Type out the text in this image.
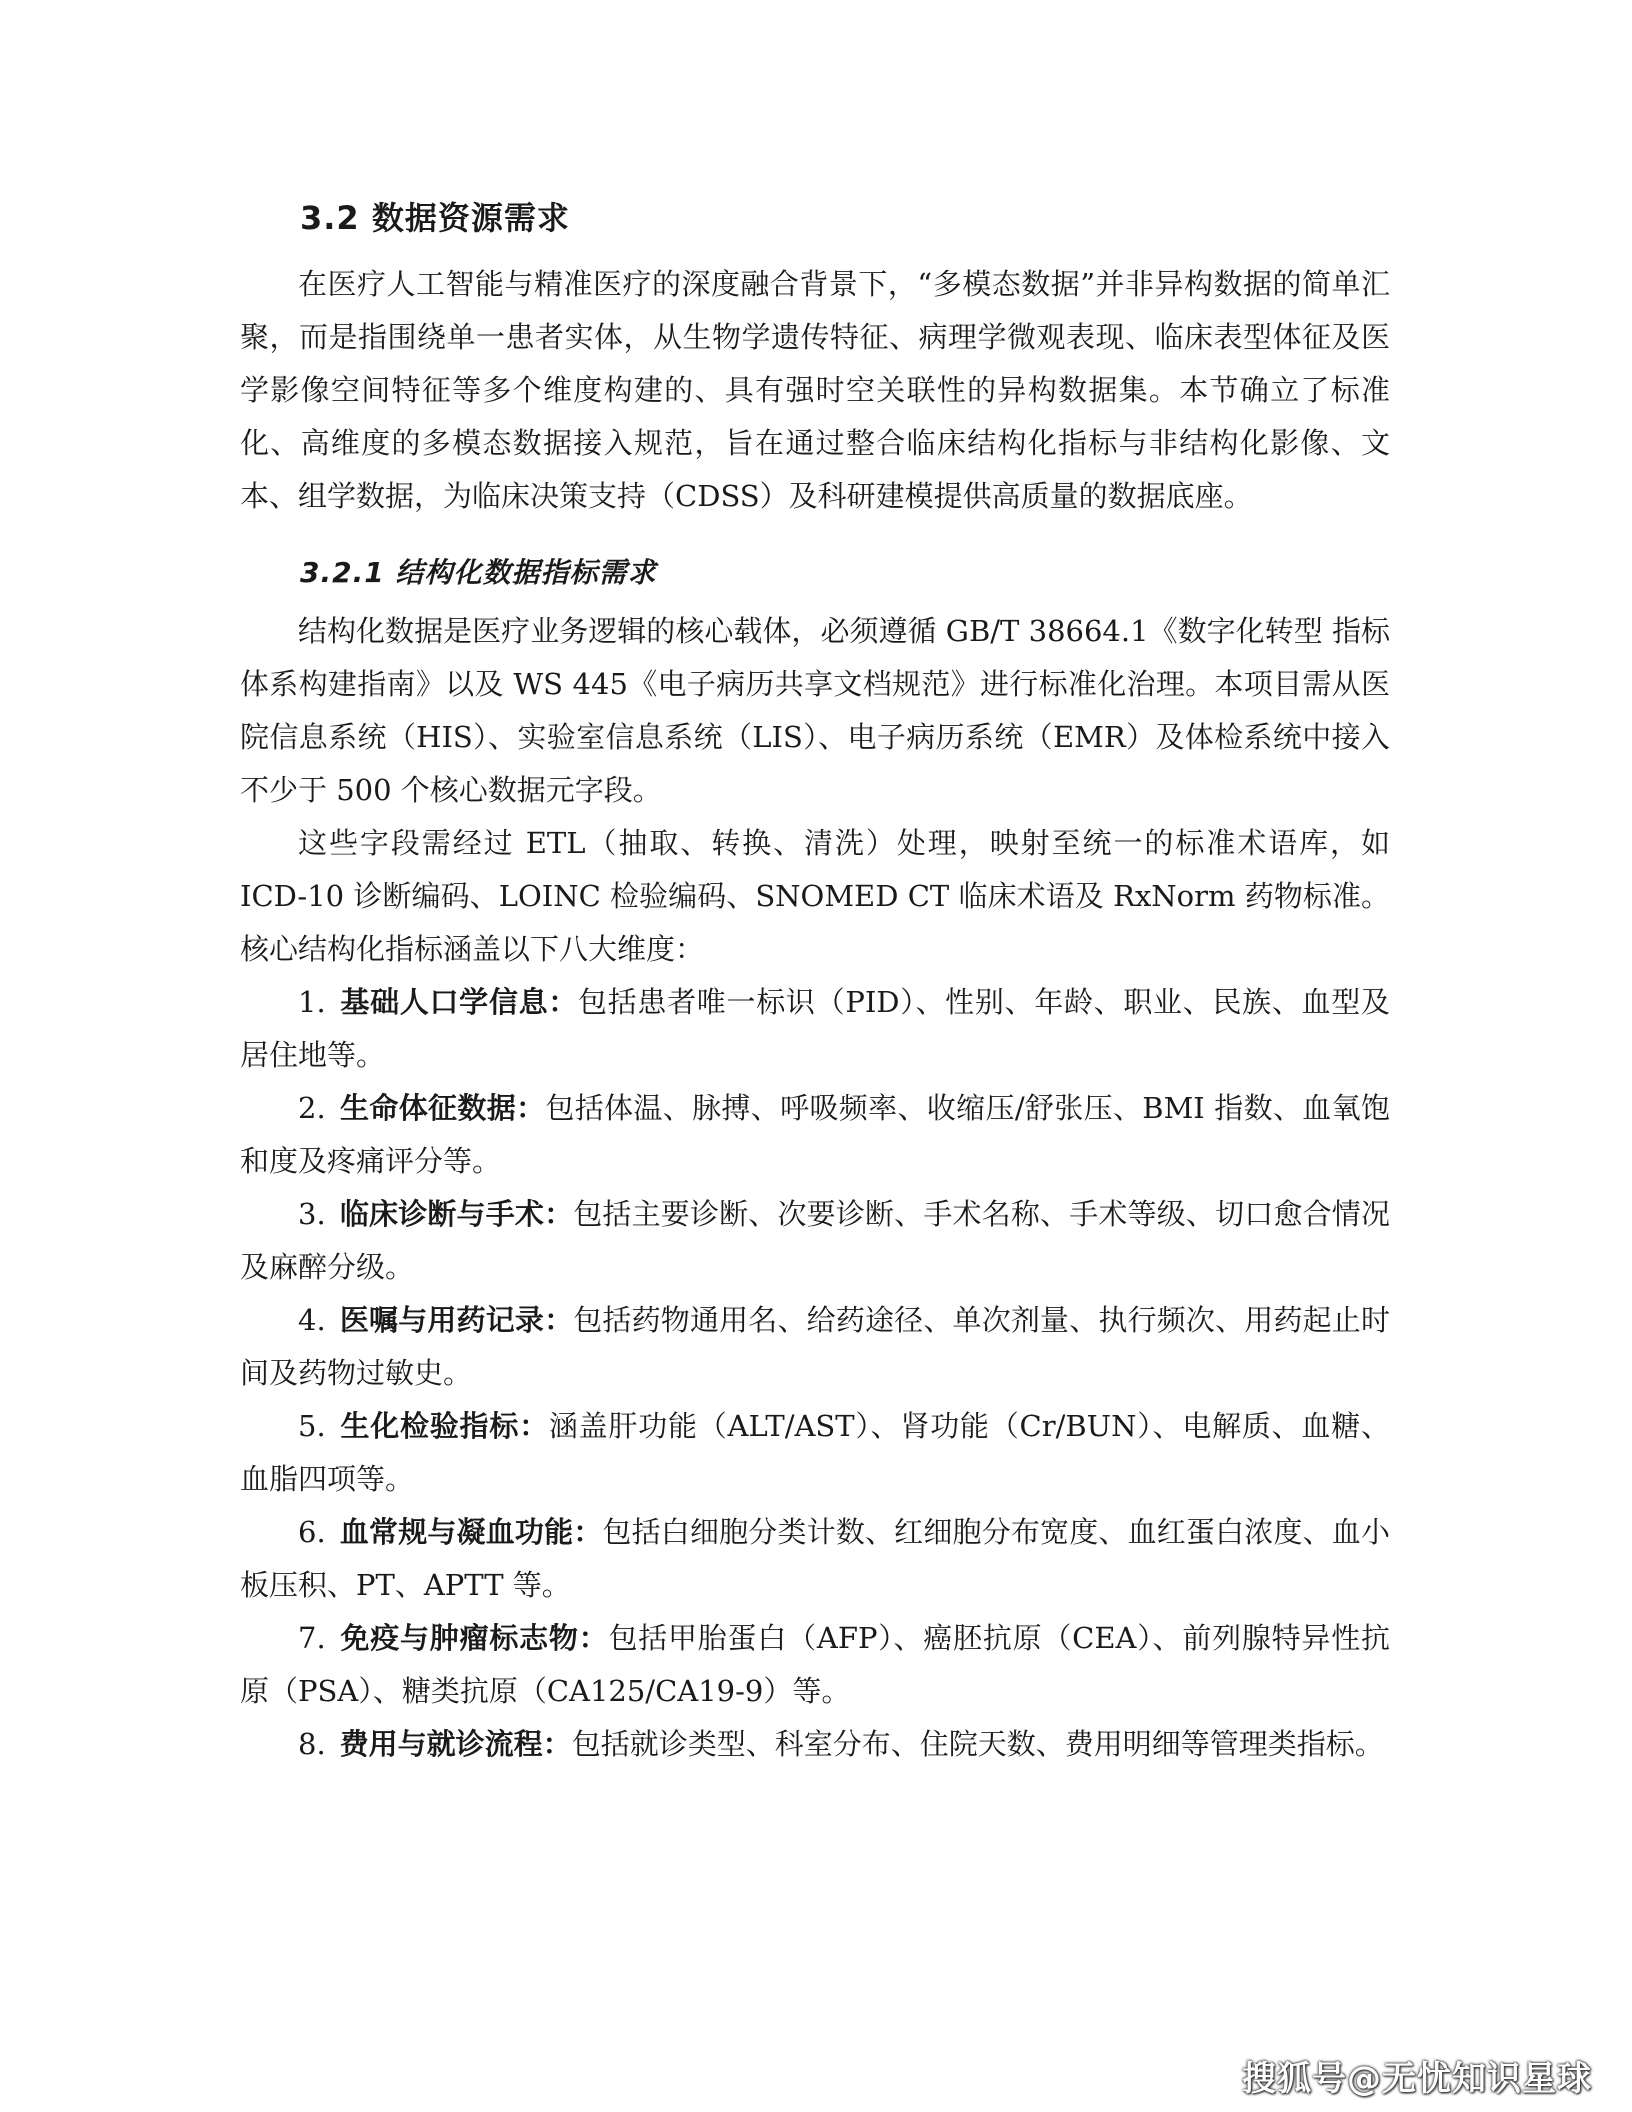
3.2 数据资源需求

在医疗人工智能与精准医疗的深度融合背景下，“多模态数据”并非异构数据的简单汇聚，而是指围绕单一患者实体，从生物学遗传特征、病理学微观表现、临床表型体征及医学影像空间特征等多个维度构建的、具有强时空关联性的异构数据集。本节确立了标准化、高维度的多模态数据接入规范，旨在通过整合临床结构化指标与非结构化影像、文本、组学数据，为临床决策支持（CDSS）及科研建模提供高质量的数据底座。

3.2.1 结构化数据指标需求

结构化数据是医疗业务逻辑的核心载体，必须遵循 GB/T 38664.1《数字化转型 指标体系构建指南》以及 WS 445《电子病历共享文档规范》进行标准化治理。本项目需从医院信息系统（HIS）、实验室信息系统（LIS）、电子病历系统（EMR）及体检系统中接入不少于 500 个核心数据元字段。

这些字段需经过 ETL（抽取、转换、清洗）处理，映射至统一的标准术语库，如 ICD-10 诊断编码、LOINC 检验编码、SNOMED CT 临床术语及 RxNorm 药物标准。核心结构化指标涵盖以下八大维度：

1. 基础人口学信息：包括患者唯一标识（PID）、性别、年龄、职业、民族、血型及居住地等。

2. 生命体征数据：包括体温、脉搏、呼吸频率、收缩压/舒张压、BMI 指数、血氧饱和度及疼痛评分等。

3. 临床诊断与手术：包括主要诊断、次要诊断、手术名称、手术等级、切口愈合情况及麻醉分级。

4. 医嘱与用药记录：包括药物通用名、给药途径、单次剂量、执行频次、用药起止时间及药物过敏史。

5. 生化检验指标：涵盖肝功能（ALT/AST）、肾功能（Cr/BUN）、电解质、血糖、血脂四项等。

6. 血常规与凝血功能：包括白细胞分类计数、红细胞分布宽度、血红蛋白浓度、血小板压积、PT、APTT 等。

7. 免疫与肿瘤标志物：包括甲胎蛋白（AFP）、癌胚抗原（CEA）、前列腺特异性抗原（PSA）、糖类抗原（CA125/CA19-9）等。

8. 费用与就诊流程：包括就诊类型、科室分布、住院天数、费用明细等管理类指标。

搜狐号@无忧知识星球
